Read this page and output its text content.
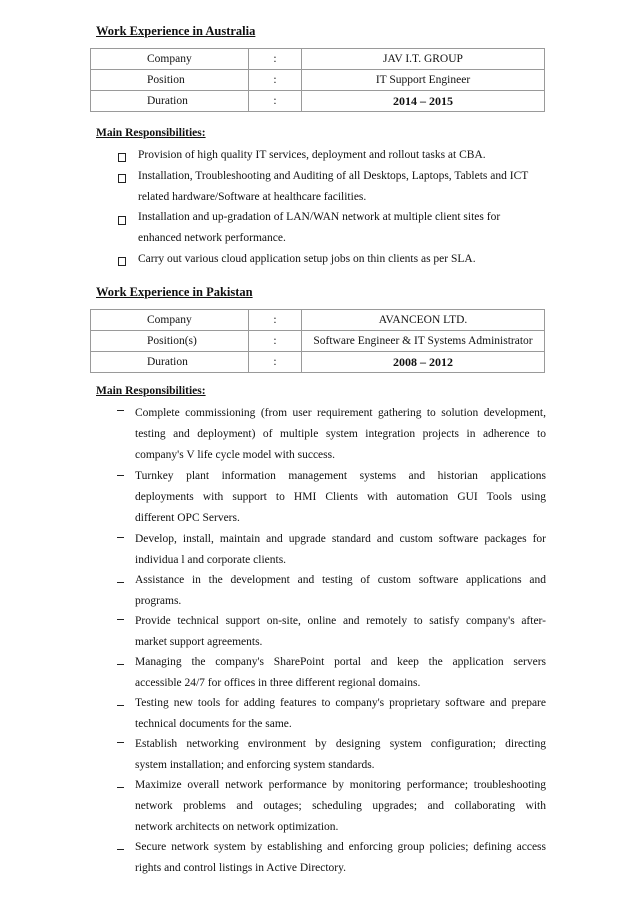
Work Experience in Australia
Company	:	JAV I.T. GROUP
Position	:	IT Support Engineer
Duration	:	2014 – 2015
Main Responsibilities:
Provision of high quality IT services, deployment and rollout tasks at CBA.
Installation, Troubleshooting and Auditing of all Desktops, Laptops, Tablets and ICT
related hardware/Software at healthcare facilities.
Installation and up-gradation of LAN/WAN network at multiple client sites for
enhanced network performance.
Carry out various cloud application setup jobs on thin clients as per SLA.
Work Experience in Pakistan
Company	:	AVANCEON LTD.
Position(s)	:	Software Engineer & IT Systems Administrator
Duration	:	2008 – 2012
Main Responsibilities:
Complete commissioning (from user requirement gathering to solution development,
testing and deployment) of multiple system integration projects in adherence to
company's V life cycle model with success.
Turnkey plant information management systems and historian applications
deployments with support to HMI Clients with automation GUI Tools using
different OPC Servers.
Develop, install, maintain and upgrade standard and custom software packages for
individua l and corporate clients.
Assistance in the development and testing of custom software applications and
programs.
Provide technical support on-site, online and remotely to satisfy company's after-
market support agreements.
Managing the company's SharePoint portal and keep the application servers
accessible 24/7 for offices in three different regional domains.
Testing new tools for adding features to company's proprietary software and prepare
technical documents for the same.
Establish networking environment by designing system configuration; directing
system installation; and enforcing system standards.
Maximize overall network performance by monitoring performance; troubleshooting
network problems and outages; scheduling upgrades; and collaborating with
network architects on network optimization.
Secure network system by establishing and enforcing group policies; defining access
rights and control listings in Active Directory.
